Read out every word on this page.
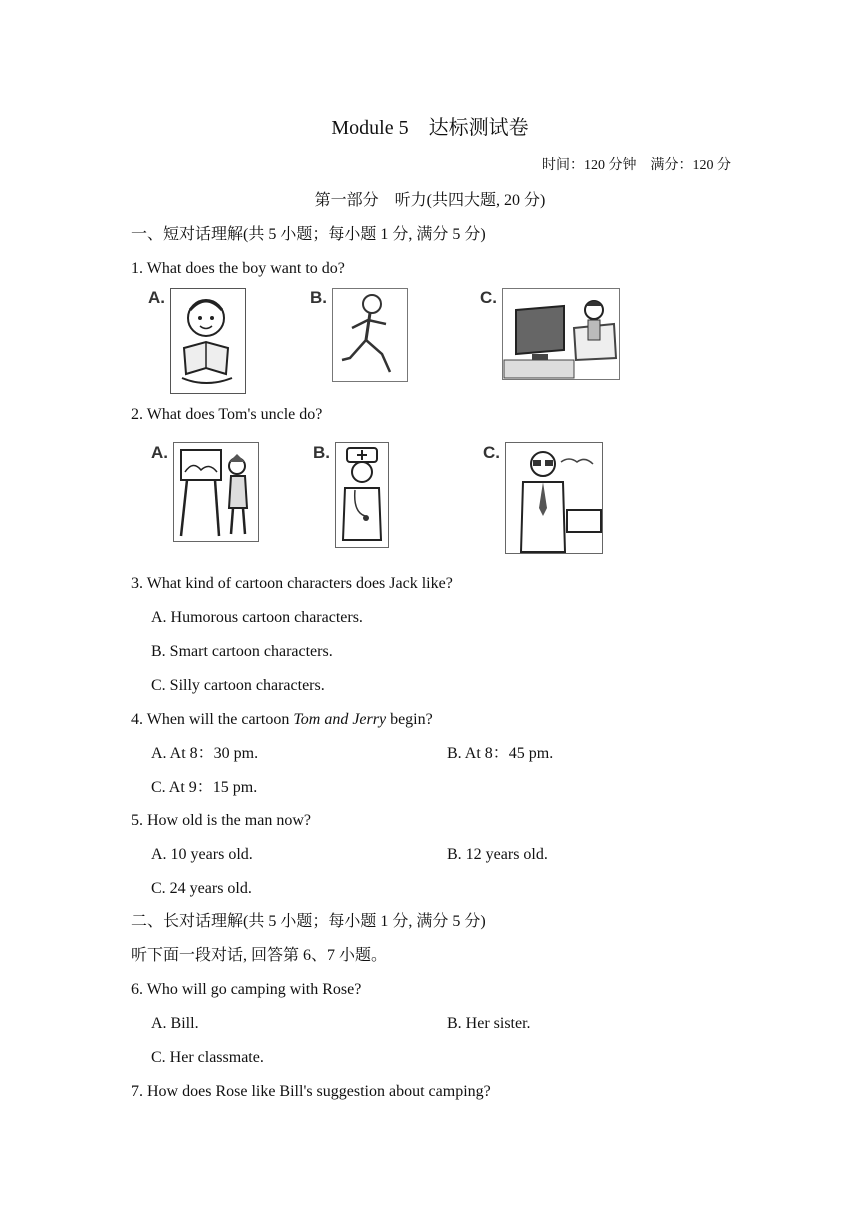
Module 5　达标测试卷
时间：120 分钟　满分：120 分
第一部分　听力(共四大题, 20 分)
一、短对话理解(共 5 小题；每小题 1 分, 满分 5 分)
1. What does the boy want to do?
A.	B.	C.
2. What does Tom's uncle do?
A.	B.	C.
3. What kind of cartoon characters does Jack like?
A. Humorous cartoon characters.
B. Smart cartoon characters.
C. Silly cartoon characters.
4. When will the cartoon Tom and Jerry begin?
A. At 8：30 pm.	B. At 8：45 pm.
C. At 9：15 pm.
5. How old is the man now?
A. 10 years old.	B. 12 years old.
C. 24 years old.
二、长对话理解(共 5 小题；每小题 1 分, 满分 5 分)
听下面一段对话, 回答第 6、7 小题。
6. Who will go camping with Rose?
A. Bill.	B. Her sister.
C. Her classmate.
7. How does Rose like Bill's suggestion about camping?
